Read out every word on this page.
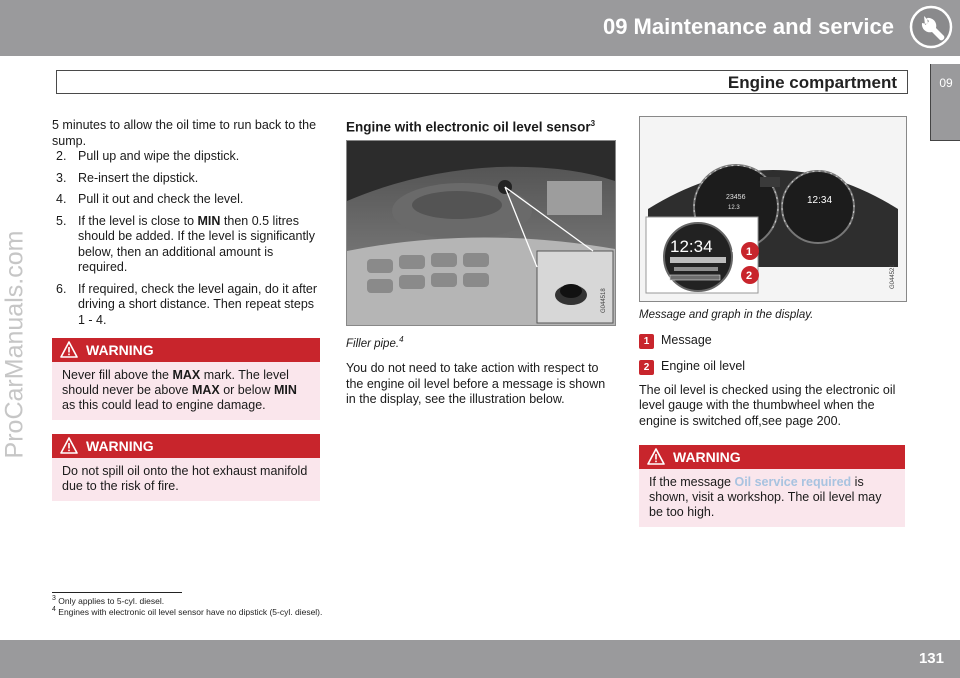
09 Maintenance and service
Engine compartment	09
ProCarManuals.com

5 minutes to allow the oil time to run back to the sump.

2. Pull up and wipe the dipstick.
3. Re-insert the dipstick.
4. Pull it out and check the level.
5. If the level is close to MIN then 0.5 litres should be added. If the level is significantly below, then an additional amount is required.
6. If required, check the level again, do it after driving a short distance. Then repeat steps 1 - 4.
WARNING
Never fill above the MAX mark. The level should never be above MAX or below MIN as this could lead to engine damage.
WARNING
Do not spill oil onto the hot exhaust manifold due to the risk of fire.
Engine with electronic oil level sensor$^3$
G044518
Filler pipe.$^4$

You do not need to take action with respect to the engine oil level before a message is shown in the display, see the illustration below.

23456
12.3
12:34
12:34	1
2	G044521
Message and graph in the display.
1 Message
2 Engine oil level

The oil level is checked using the electronic oil level gauge with the thumbwheel when the engine is switched off,see page 200.

WARNING
If the message Oil service required is shown, visit a workshop. The oil level may be too high.
$^3$ Only applies to 5-cyl. diesel.
$^4$ Engines with electronic oil level sensor have no dipstick (5-cyl. diesel).
131
